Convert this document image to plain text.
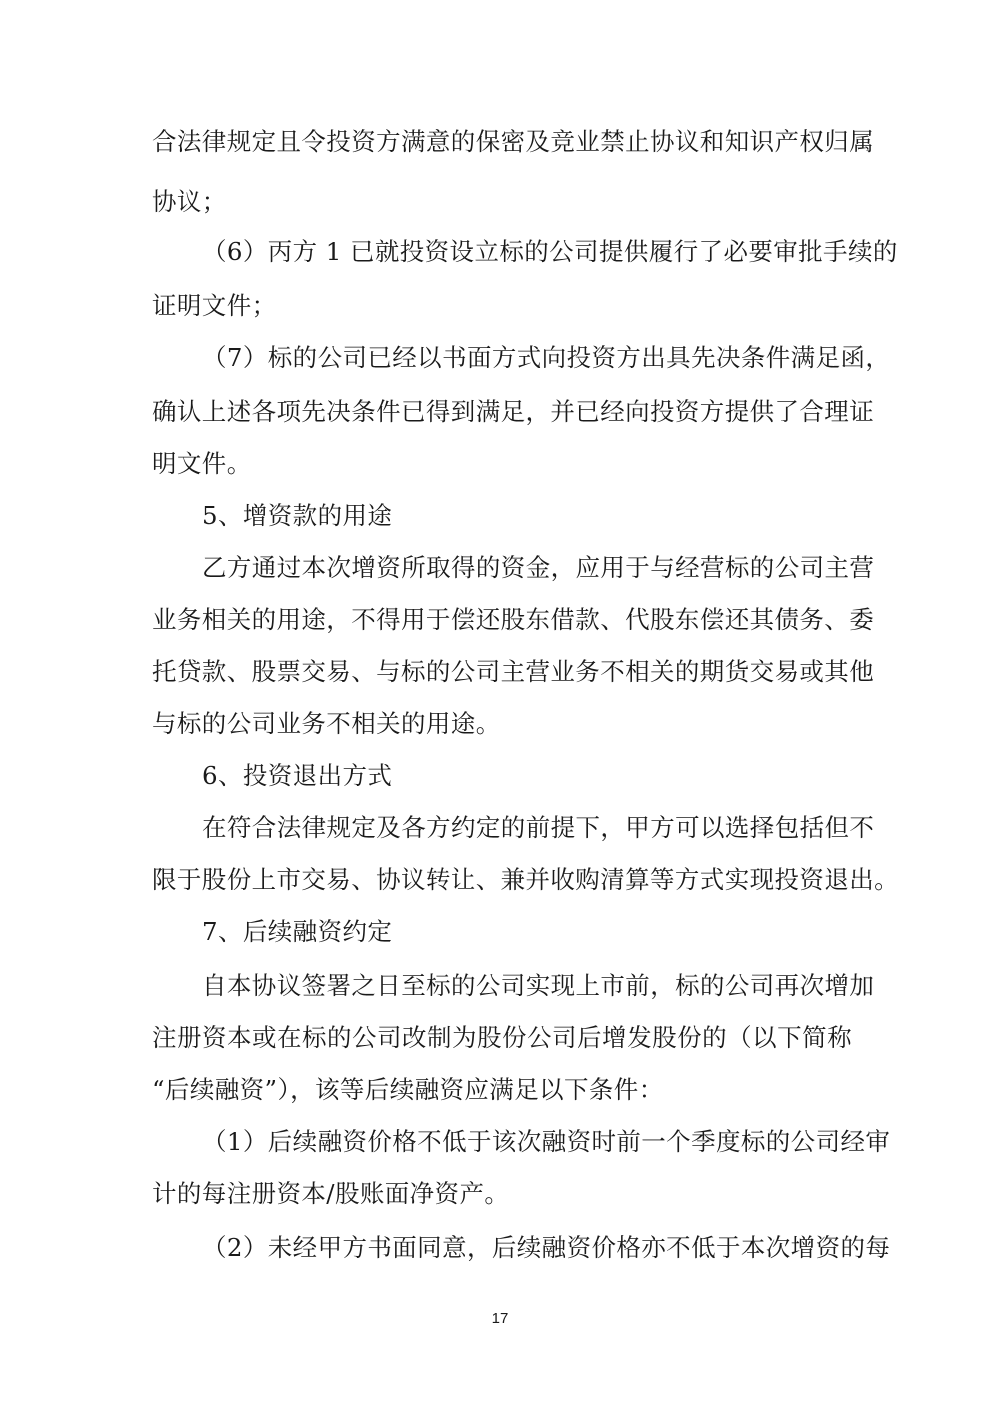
合法律规定且令投资方满意的保密及竞业禁止协议和知识产权归属
协议；
（6）丙方 1 已就投资设立标的公司提供履行了必要审批手续的
证明文件；
（7）标的公司已经以书面方式向投资方出具先决条件满足函，
确认上述各项先决条件已得到满足，并已经向投资方提供了合理证
明文件。
5、增资款的用途
乙方通过本次增资所取得的资金，应用于与经营标的公司主营
业务相关的用途，不得用于偿还股东借款、代股东偿还其债务、委
托贷款、股票交易、与标的公司主营业务不相关的期货交易或其他
与标的公司业务不相关的用途。
6、投资退出方式
在符合法律规定及各方约定的前提下，甲方可以选择包括但不
限于股份上市交易、协议转让、兼并收购清算等方式实现投资退出。
7、后续融资约定
自本协议签署之日至标的公司实现上市前，标的公司再次增加
注册资本或在标的公司改制为股份公司后增发股份的（以下简称
“后续融资”），该等后续融资应满足以下条件：
（1）后续融资价格不低于该次融资时前一个季度标的公司经审
计的每注册资本/股账面净资产。
（2）未经甲方书面同意，后续融资价格亦不低于本次增资的每
17
